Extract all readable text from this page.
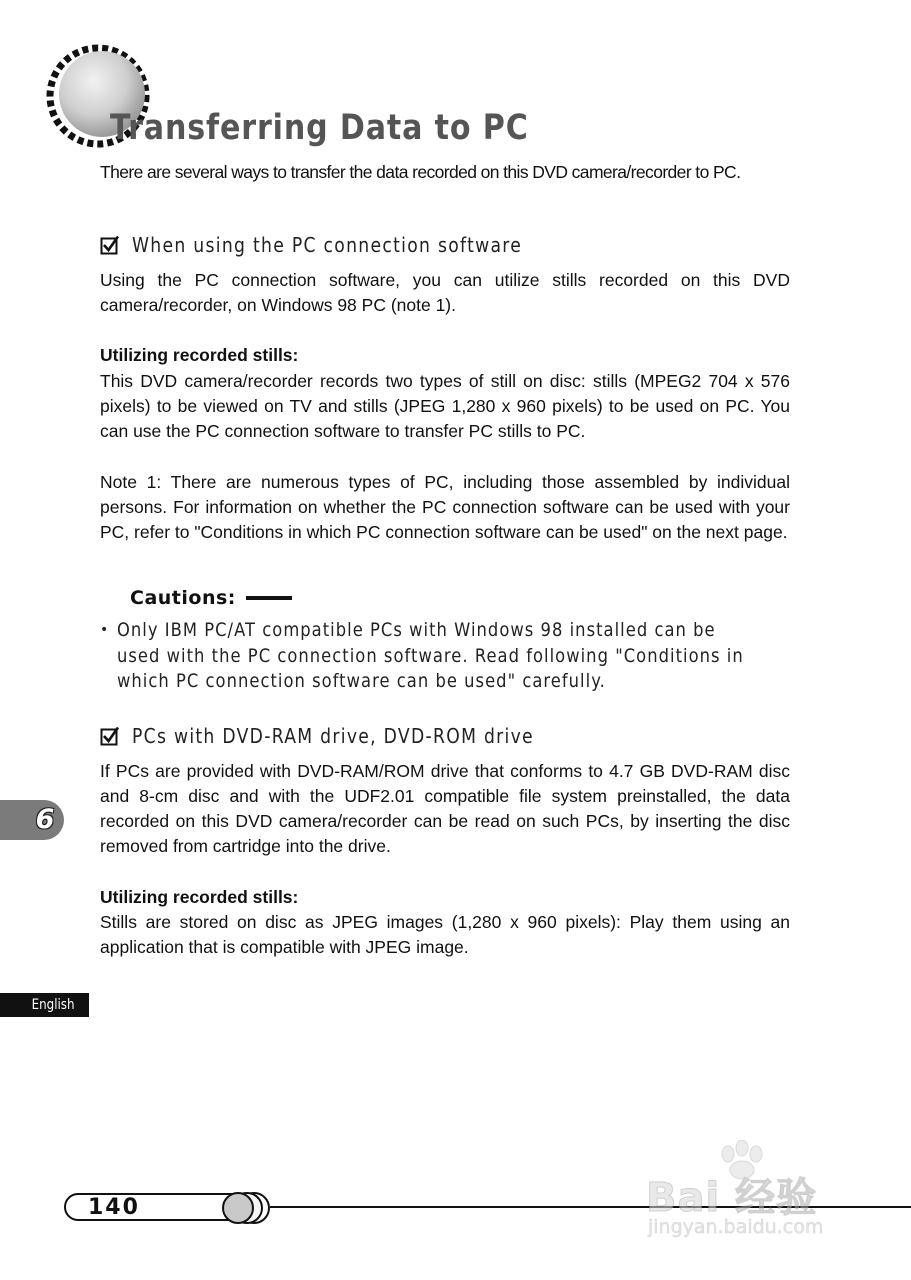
Transferring Data to PC
There are several ways to transfer the data recorded on this DVD camera/recorder to PC.
When using the PC connection software

Using the PC connection software, you can utilize stills recorded on this DVD camera/recorder, on Windows 98 PC (note 1).

Utilizing recorded stills:

This DVD camera/recorder records two types of still on disc: stills (MPEG2 704 x 576 pixels) to be viewed on TV and stills (JPEG 1,280 x 960 pixels) to be used on PC. You can use the PC connection software to transfer PC stills to PC.

Note 1: There are numerous types of PC, including those assembled by individual persons. For information on whether the PC connection software can be used with your PC, refer to "Conditions in which PC connection software can be used" on the next page.

Cautions:
• Only IBM PC/AT compatible PCs with Windows 98 installed can be used with the PC connection software. Read following "Conditions in which PC connection software can be used" carefully.
PCs with DVD-RAM drive, DVD-ROM drive

If PCs are provided with DVD-RAM/ROM drive that conforms to 4.7 GB DVD-RAM disc and 8-cm disc and with the UDF2.01 compatible file system preinstalled, the data recorded on this DVD camera/recorder can be read on such PCs, by inserting the disc removed from cartridge into the drive.

Utilizing recorded stills:

Stills are stored on disc as JPEG images (1,280 x 960 pixels): Play them using an application that is compatible with JPEG image.

6
English
140	Bai 经验
jingyan.baidu.com
